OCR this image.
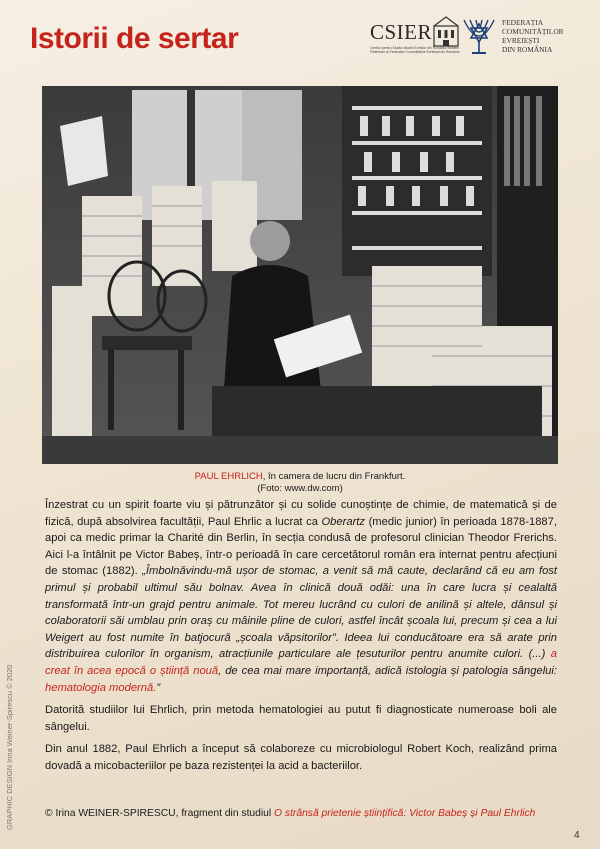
Istorii de sertar	CSIER
Centrul pentru Studiul Istoriei Evreilor din România Wilhelm Filderman al Federației Comunităților Evreiești din România
FEDERAȚIA
COMUNITĂȚILOR
EVREIEȘTI
DIN ROMÂNIA
PAUL EHRLICH, în camera de lucru din Frankfurt.
(Foto: www.dw.com)

Înzestrat cu un spirit foarte viu și pătrunzător și cu solide cunoștințe de chimie, de matematică și de fizică, după absolvirea facultății, Paul Ehrlic a lucrat ca Oberartz (medic junior) în perioada 1878-1887, apoi ca medic primar la Charité din Berlin, în secția condusă de profesorul clinician Theodor Frerichs. Aici l-a întâlnit pe Victor Babeș, într-o perioadă în care cercetătorul român era internat pentru afecțiuni de stomac (1882). „Îmbolnăvindu-mă ușor de stomac, a venit să mă caute, declarând că eu am fost primul și probabil ultimul său bolnav. Avea în clinică două odăi: una în care lucra și cealaltă transformată într-un grajd pentru animale. Tot mereu lucrând cu culori de anilină și altele, dânsul și colaboratorii săi umblau prin oraș cu mâinile pline de culori, astfel încât școala lui, precum și cea a lui Weigert au fost numite în batjocură „școala văpsitorilor”. Ideea lui conducătoare era să arate prin distribuirea culorilor în organism, atracțiunile particulare ale țesuturilor pentru anumite culori. (...) a creat în acea epocă o știință nouă, de cea mai mare importanță, adică istologia și patologia sângelui: hematologia modernă.”

Datorită studiilor lui Ehrlich, prin metoda hematologiei au putut fi diagnosticate numeroase boli ale sângelui.

Din anul 1882, Paul Ehrlich a început să colaboreze cu microbiologul Robert Koch, realizând prima dovadă a micobacteriilor pe baza rezistenței la acid a bacteriilor.

GRAPHIC DESIGN Irina Weiner-Spirescu © 2020	© Irina WEINER-SPIRESCU, fragment din studiul O strânsă prietenie științifică: Victor Babeș și Paul Ehrlich
4
